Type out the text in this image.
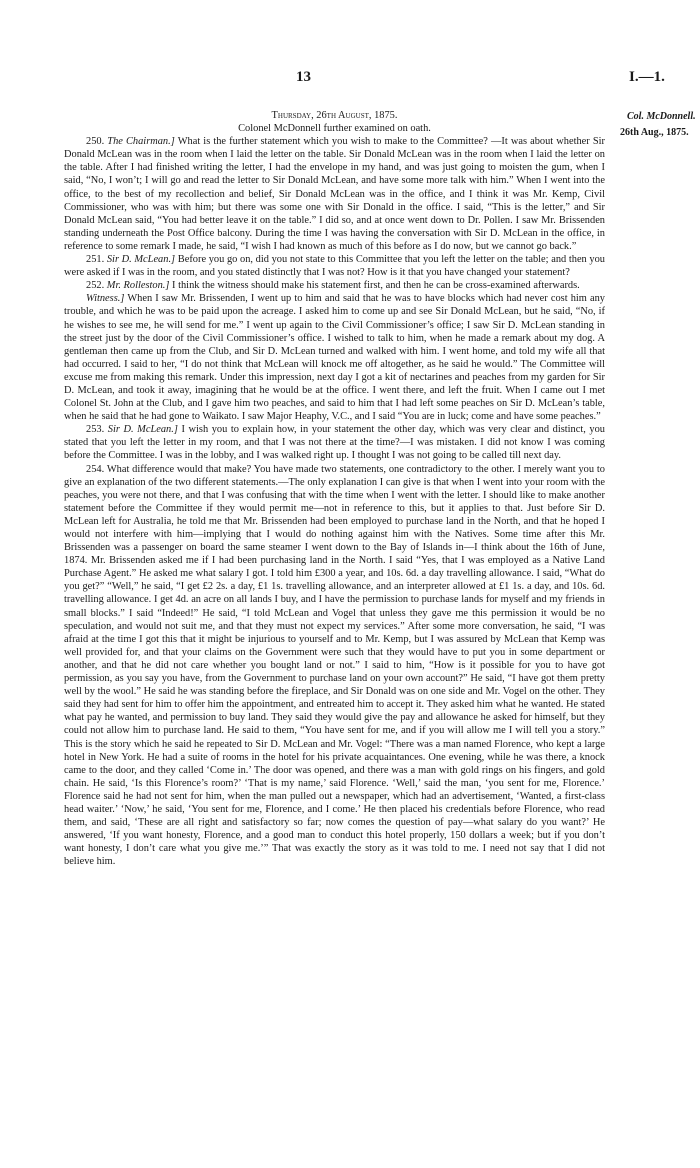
13	I.—1.
Col. McDonnell.
26th Aug., 1875.

Thursday, 26th August, 1875.

Colonel McDonnell further examined on oath.

250. The Chairman.] What is the further statement which you wish to make to the Committee? —It was about whether Sir Donald McLean was in the room when I laid the letter on the table. Sir Donald McLean was in the room when I laid the letter on the table. After I had finished writing the letter, I had the envelope in my hand, and was just going to moisten the gum, when I said, “No, I won’t; I will go and read the letter to Sir Donald McLean, and have some more talk with him.” When I went into the office, to the best of my recollection and belief, Sir Donald McLean was in the office, and I think it was Mr. Kemp, Civil Commissioner, who was with him; but there was some one with Sir Donald in the office. I said, “This is the letter,” and Sir Donald McLean said, “You had better leave it on the table.” I did so, and at once went down to Dr. Pollen. I saw Mr. Brissenden standing underneath the Post Office balcony. During the time I was having the conversation with Sir D. McLean in the office, in reference to some remark I made, he said, “I wish I had known as much of this before as I do now, but we cannot go back.”

251. Sir D. McLean.] Before you go on, did you not state to this Committee that you left the letter on the table; and then you were asked if I was in the room, and you stated distinctly that I was not? How is it that you have changed your statement?

252. Mr. Rolleston.] I think the witness should make his statement first, and then he can be cross-examined afterwards.

Witness.] When I saw Mr. Brissenden, I went up to him and said that he was to have blocks which had never cost him any trouble, and which he was to be paid upon the acreage. I asked him to come up and see Sir Donald McLean, but he said, “No, if he wishes to see me, he will send for me.” I went up again to the Civil Commissioner’s office; I saw Sir D. McLean standing in the street just by the door of the Civil Commissioner’s office. I wished to talk to him, when he made a remark about my dog. A gentleman then came up from the Club, and Sir D. McLean turned and walked with him. I went home, and told my wife all that had occurred. I said to her, “I do not think that McLean will knock me off altogether, as he said he would.” The Committee will excuse me from making this remark. Under this impression, next day I got a kit of nectarines and peaches from my garden for Sir D. McLean, and took it away, imagining that he would be at the office. I went there, and left the fruit. When I came out I met Colonel St. John at the Club, and I gave him two peaches, and said to him that I had left some peaches on Sir D. McLean’s table, when he said that he had gone to Waikato. I saw Major Heaphy, V.C., and I said “You are in luck; come and have some peaches.”

253. Sir D. McLean.] I wish you to explain how, in your statement the other day, which was very clear and distinct, you stated that you left the letter in my room, and that I was not there at the time?—I was mistaken. I did not know I was coming before the Committee. I was in the lobby, and I was walked right up. I thought I was not going to be called till next day.

254. What difference would that make? You have made two statements, one contradictory to the other. I merely want you to give an explanation of the two different statements.—The only explanation I can give is that when I went into your room with the peaches, you were not there, and that I was confusing that with the time when I went with the letter. I should like to make another statement before the Committee if they would permit me—not in reference to this, but it applies to that. Just before Sir D. McLean left for Australia, he told me that Mr. Brissenden had been employed to purchase land in the North, and that he hoped I would not interfere with him—implying that I would do nothing against him with the Natives. Some time after this Mr. Brissenden was a passenger on board the same steamer I went down to the Bay of Islands in—I think about the 16th of June, 1874. Mr. Brissenden asked me if I had been purchasing land in the North. I said “Yes, that I was employed as a Native Land Purchase Agent.” He asked me what salary I got. I told him £300 a year, and 10s. 6d. a day travelling allowance. I said, “What do you get?” “Well,” he said, “I get £2 2s. a day, £1 1s. travelling allowance, and an interpreter allowed at £1 1s. a day, and 10s. 6d. travelling allowance. I get 4d. an acre on all lands I buy, and I have the permission to purchase lands for myself and my friends in small blocks.” I said “Indeed!” He said, “I told McLean and Vogel that unless they gave me this permission it would be no speculation, and would not suit me, and that they must not expect my services.” After some more conversation, he said, “I was afraid at the time I got this that it might be injurious to yourself and to Mr. Kemp, but I was assured by McLean that Kemp was well provided for, and that your claims on the Government were such that they would have to put you in some department or another, and that he did not care whether you bought land or not.” I said to him, “How is it possible for you to have got permission, as you say you have, from the Government to purchase land on your own account?” He said, “I have got them pretty well by the wool.” He said he was standing before the fireplace, and Sir Donald was on one side and Mr. Vogel on the other. They said they had sent for him to offer him the appointment, and entreated him to accept it. They asked him what he wanted. He stated what pay he wanted, and permission to buy land. They said they would give the pay and allowance he asked for himself, but they could not allow him to purchase land. He said to them, “You have sent for me, and if you will allow me I will tell you a story.” This is the story which he said he repeated to Sir D. McLean and Mr. Vogel: “There was a man named Florence, who kept a large hotel in New York. He had a suite of rooms in the hotel for his private acquaintances. One evening, while he was there, a knock came to the door, and they called ‘Come in.’ The door was opened, and there was a man with gold rings on his fingers, and gold chain. He said, ‘Is this Florence’s room?’ ‘That is my name,’ said Florence. ‘Well,’ said the man, ‘you sent for me, Florence.’ Florence said he had not sent for him, when the man pulled out a newspaper, which had an advertisement, ‘Wanted, a first-class head waiter.’ ‘Now,’ he said, ‘You sent for me, Florence, and I come.’ He then placed his credentials before Florence, who read them, and said, ‘These are all right and satisfactory so far; now comes the question of pay—what salary do you want?’ He answered, ‘If you want honesty, Florence, and a good man to conduct this hotel properly, 150 dollars a week; but if you don’t want honesty, I don’t care what you give me.’” That was exactly the story as it was told to me. I need not say that I did not believe him.
